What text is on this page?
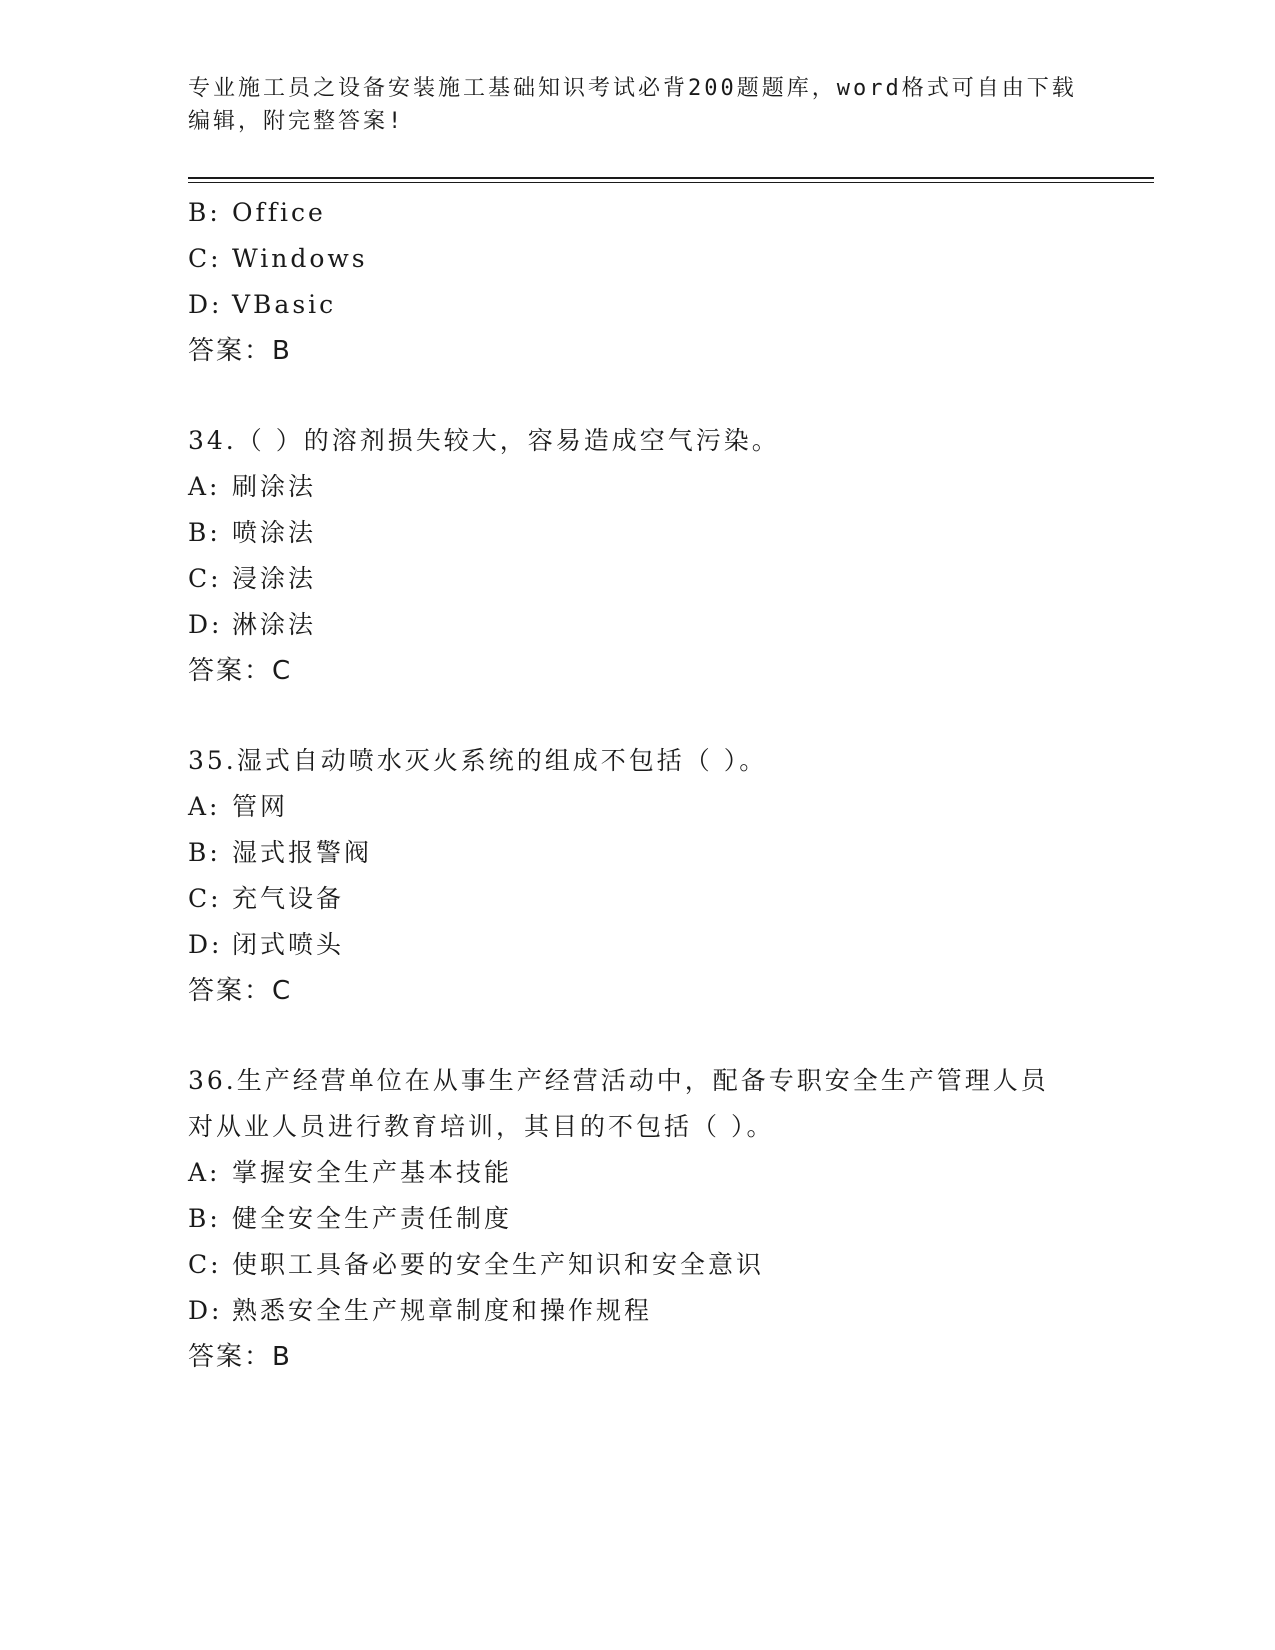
专业施工员之设备安装施工基础知识考试必背200题题库，word格式可自由下载编辑，附完整答案!
B: Office
C: Windows
D: VBasic
答案：B
34.（ ）的溶剂损失较大，容易造成空气污染。
A: 刷涂法
B: 喷涂法
C: 浸涂法
D: 淋涂法
答案：C
35.湿式自动喷水灭火系统的组成不包括（ ）。
A: 管网
B: 湿式报警阀
C: 充气设备
D: 闭式喷头
答案：C
36.生产经营单位在从事生产经营活动中，配备专职安全生产管理人员对从业人员进行教育培训，其目的不包括（ ）。
A: 掌握安全生产基本技能
B: 健全安全生产责任制度
C: 使职工具备必要的安全生产知识和安全意识
D: 熟悉安全生产规章制度和操作规程
答案：B
